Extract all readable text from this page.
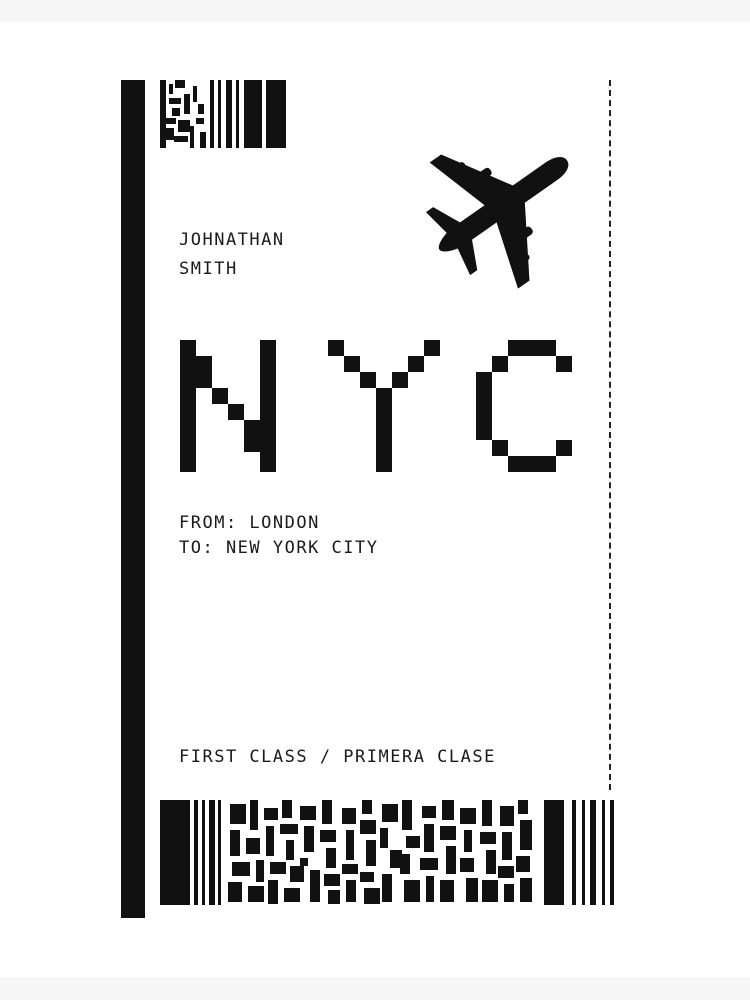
JOHNATHAN
SMITH
FROM: LONDON
TO: NEW YORK CITY
FIRST CLASS / PRIMERA CLASE
